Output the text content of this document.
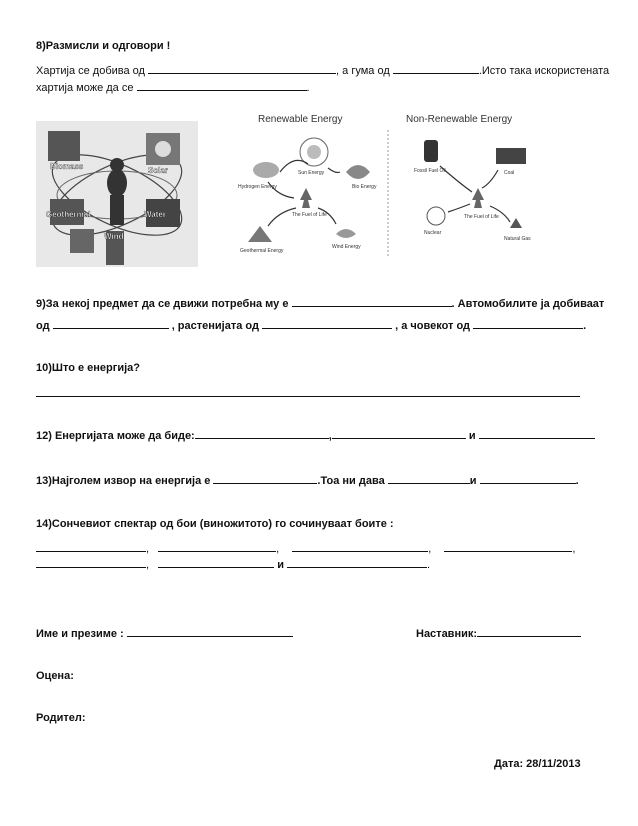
8)Размисли и одговори !
Хартија се добива од	, а гума од	.Исто така искористената
хартија може да се	.
Biomass	Solar
Geothermal	Water
Wind
Renewable Energy	Non-Renewable Energy
Hydrogen Energy
Sun Energy
Bio Energy
The Fuel of Life
Geothermal Energy
Wind Energy
Fossil Fuel Oil	Coal
Nuclear
The Fuel of Life
Natural Gas
9)За некој предмет да се движи потребна му е	. Автомобилите ја добиваат
од	, растенијата од	, а човекот од	.
10)Што е енергија?
12) Енергијата може да биде:	,	и
13)Најголем извор на енергија е	.Тоа ни дава	и	.
14)Сончевиот спектар од бои (виножитото) го сочинуваат боите :
,	,	,	,
,	и	.
Име и презиме :	Наставник:
Оцена:
Родител:
Дата: 28/11/2013
